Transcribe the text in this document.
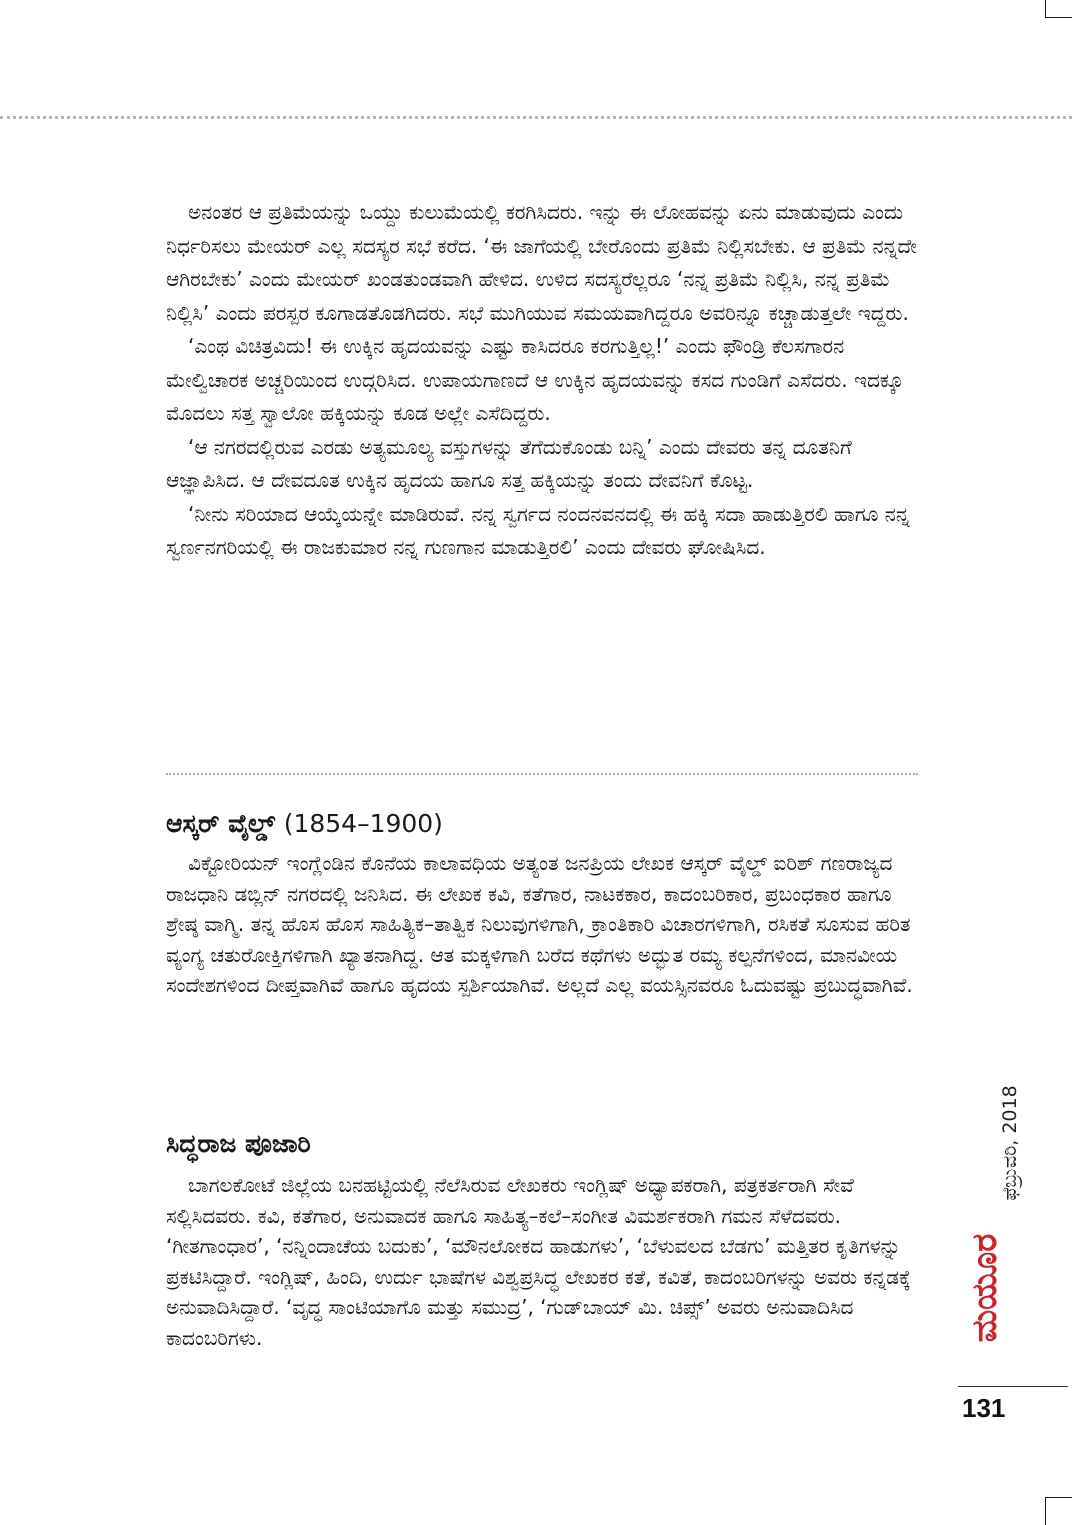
ಅನಂತರ ಆ ಪ್ರತಿಮೆಯನ್ನು ಒಯ್ದು ಕುಲುಮೆಯಲ್ಲಿ ಕರಗಿಸಿದರು. ಇನ್ನು ಈ ಲೋಹವನ್ನು ಏನು ಮಾಡುವುದು ಎಂದು ನಿರ್ಧರಿಸಲು ಮೇಯರ್ ಎಲ್ಲ ಸದಸ್ಯರ ಸಭೆ ಕರೆದ. ‘ಈ ಜಾಗೆಯಲ್ಲಿ ಬೇರೊಂದು ಪ್ರತಿಮೆ ನಿಲ್ಲಿಸಬೇಕು. ಆ ಪ್ರತಿಮೆ ನನ್ನದೇ ಆಗಿರಬೇಕು’ ಎಂದು ಮೇಯರ್ ಖಂಡತುಂಡವಾಗಿ ಹೇಳಿದ. ಉಳಿದ ಸದಸ್ಯರೆಲ್ಲರೂ ‘ನನ್ನ ಪ್ರತಿಮೆ ನಿಲ್ಲಿಸಿ, ನನ್ನ ಪ್ರತಿಮೆ ನಿಲ್ಲಿಸಿ’ ಎಂದು ಪರಸ್ಪರ ಕೂಗಾಡತೊಡಗಿದರು. ಸಭೆ ಮುಗಿಯುವ ಸಮಯವಾಗಿದ್ದರೂ ಅವರಿನ್ನೂ ಕಚ್ಚಾಡುತ್ತಲೇ ಇದ್ದರು.

‘ಎಂಥ ವಿಚಿತ್ರವಿದು! ಈ ಉಕ್ಕಿನ ಹೃದಯವನ್ನು ಎಷ್ಟು ಕಾಸಿದರೂ ಕರಗುತ್ತಿಲ್ಲ!’ ಎಂದು ಫೌಂಡ್ರಿ ಕೆಲಸಗಾರನ ಮೇಲ್ವಿಚಾರಕ ಅಚ್ಚರಿಯಿಂದ ಉದ್ಗರಿಸಿದ. ಉಪಾಯಗಾಣದೆ ಆ ಉಕ್ಕಿನ ಹೃದಯವನ್ನು ಕಸದ ಗುಂಡಿಗೆ ಎಸೆದರು. ಇದಕ್ಕೂ ಮೊದಲು ಸತ್ತ ಸ್ವಾಲೋ ಹಕ್ಕಿಯನ್ನು ಕೂಡ ಅಲ್ಲೇ ಎಸೆದಿದ್ದರು.

‘ಆ ನಗರದಲ್ಲಿರುವ ಎರಡು ಅತ್ಯಮೂಲ್ಯ ವಸ್ತುಗಳನ್ನು ತೆಗೆದುಕೊಂಡು ಬನ್ನಿ’ ಎಂದು ದೇವರು ತನ್ನ ದೂತನಿಗೆ ಆಜ್ಞಾಪಿಸಿದ. ಆ ದೇವದೂತ ಉಕ್ಕಿನ ಹೃದಯ ಹಾಗೂ ಸತ್ತ ಹಕ್ಕಿಯನ್ನು ತಂದು ದೇವನಿಗೆ ಕೊಟ್ಟ.

‘ನೀನು ಸರಿಯಾದ ಆಯ್ಕೆಯನ್ನೇ ಮಾಡಿರುವೆ. ನನ್ನ ಸ್ವರ್ಗದ ನಂದನವನದಲ್ಲಿ ಈ ಹಕ್ಕಿ ಸದಾ ಹಾಡುತ್ತಿರಲಿ ಹಾಗೂ ನನ್ನ ಸ್ವರ್ಣನಗರಿಯಲ್ಲಿ ಈ ರಾಜಕುಮಾರ ನನ್ನ ಗುಣಗಾನ ಮಾಡುತ್ತಿರಲಿ’ ಎಂದು ದೇವರು ಘೋಷಿಸಿದ.

ಆಸ್ಕರ್ ವೈಲ್ಡ್ (1854–1900)

ವಿಕ್ಟೋರಿಯನ್ ಇಂಗ್ಲೆಂಡಿನ ಕೊನೆಯ ಕಾಲಾವಧಿಯ ಅತ್ಯಂತ ಜನಪ್ರಿಯ ಲೇಖಕ ಆಸ್ಕರ್ ವೈಲ್ಡ್ ಐರಿಶ್ ಗಣರಾಜ್ಯದ ರಾಜಧಾನಿ ಡಬ್ಲಿನ್ ನಗರದಲ್ಲಿ ಜನಿಸಿದ. ಈ ಲೇಖಕ ಕವಿ, ಕತೆಗಾರ, ನಾಟಕಕಾರ, ಕಾದಂಬರಿಕಾರ, ಪ್ರಬಂಧಕಾರ ಹಾಗೂ ಶ್ರೇಷ್ಠ ವಾಗ್ಮಿ. ತನ್ನ ಹೊಸ ಹೊಸ ಸಾಹಿತ್ಯಿಕ–ತಾತ್ವಿಕ ನಿಲುವುಗಳಿಗಾಗಿ, ಕ್ರಾಂತಿಕಾರಿ ವಿಚಾರಗಳಿಗಾಗಿ, ರಸಿಕತೆ ಸೂಸುವ ಹರಿತ ವ್ಯಂಗ್ಯ ಚತುರೋಕ್ತಿಗಳಿಗಾಗಿ ಖ್ಯಾತನಾಗಿದ್ದ. ಆತ ಮಕ್ಕಳಿಗಾಗಿ ಬರೆದ ಕಥೆಗಳು ಅದ್ಭುತ ರಮ್ಯ ಕಲ್ಪನೆಗಳಿಂದ, ಮಾನವೀಯ ಸಂದೇಶಗಳಿಂದ ದೀಪ್ತವಾಗಿವೆ ಹಾಗೂ ಹೃದಯ ಸ್ಪರ್ಶಿಯಾಗಿವೆ. ಅಲ್ಲದೆ ಎಲ್ಲ ವಯಸ್ಸಿನವರೂ ಓದುವಷ್ಟು ಪ್ರಬುದ್ಧವಾಗಿವೆ.

ಸಿದ್ಧರಾಜ ಪೂಜಾರಿ

ಬಾಗಲಕೋಟೆ ಜಿಲ್ಲೆಯ ಬನಹಟ್ಟಿಯಲ್ಲಿ ನೆಲೆಸಿರುವ ಲೇಖಕರು ಇಂಗ್ಲಿಷ್ ಅಧ್ಯಾಪಕರಾಗಿ, ಪತ್ರಕರ್ತರಾಗಿ ಸೇವೆ ಸಲ್ಲಿಸಿದವರು. ಕವಿ, ಕತೆಗಾರ, ಅನುವಾದಕ ಹಾಗೂ ಸಾಹಿತ್ಯ–ಕಲೆ–ಸಂಗೀತ ವಿಮರ್ಶಕರಾಗಿ ಗಮನ ಸೆಳೆದವರು. ‘ಗೀತಗಾಂಧಾರ’, ‘ನನ್ನಿಂದಾಚೆಯ ಬದುಕು’, ‘ಮೌನಲೋಕದ ಹಾಡುಗಳು’, ‘ಬೆಳುವಲದ ಬೆಡಗು’ ಮತ್ತಿತರ ಕೃತಿಗಳನ್ನು ಪ್ರಕಟಿಸಿದ್ದಾರೆ. ಇಂಗ್ಲಿಷ್, ಹಿಂದಿ, ಉರ್ದು ಭಾಷೆಗಳ ವಿಶ್ವಪ್ರಸಿದ್ಧ ಲೇಖಕರ ಕತೆ, ಕವಿತೆ, ಕಾದಂಬರಿಗಳನ್ನು ಅವರು ಕನ್ನಡಕ್ಕೆ ಅನುವಾದಿಸಿದ್ದಾರೆ. ‘ವೃದ್ಧ ಸಾಂಟಿಯಾಗೊ ಮತ್ತು ಸಮುದ್ರ’, ‘ಗುಡ್‌ಬಾಯ್ ಮಿ. ಚಿಪ್ಸ್’ ಅವರು ಅನುವಾದಿಸಿದ ಕಾದಂಬರಿಗಳು.

ಫೆಬ್ರುವರಿ, 2018
ಮಯೂರ

131
